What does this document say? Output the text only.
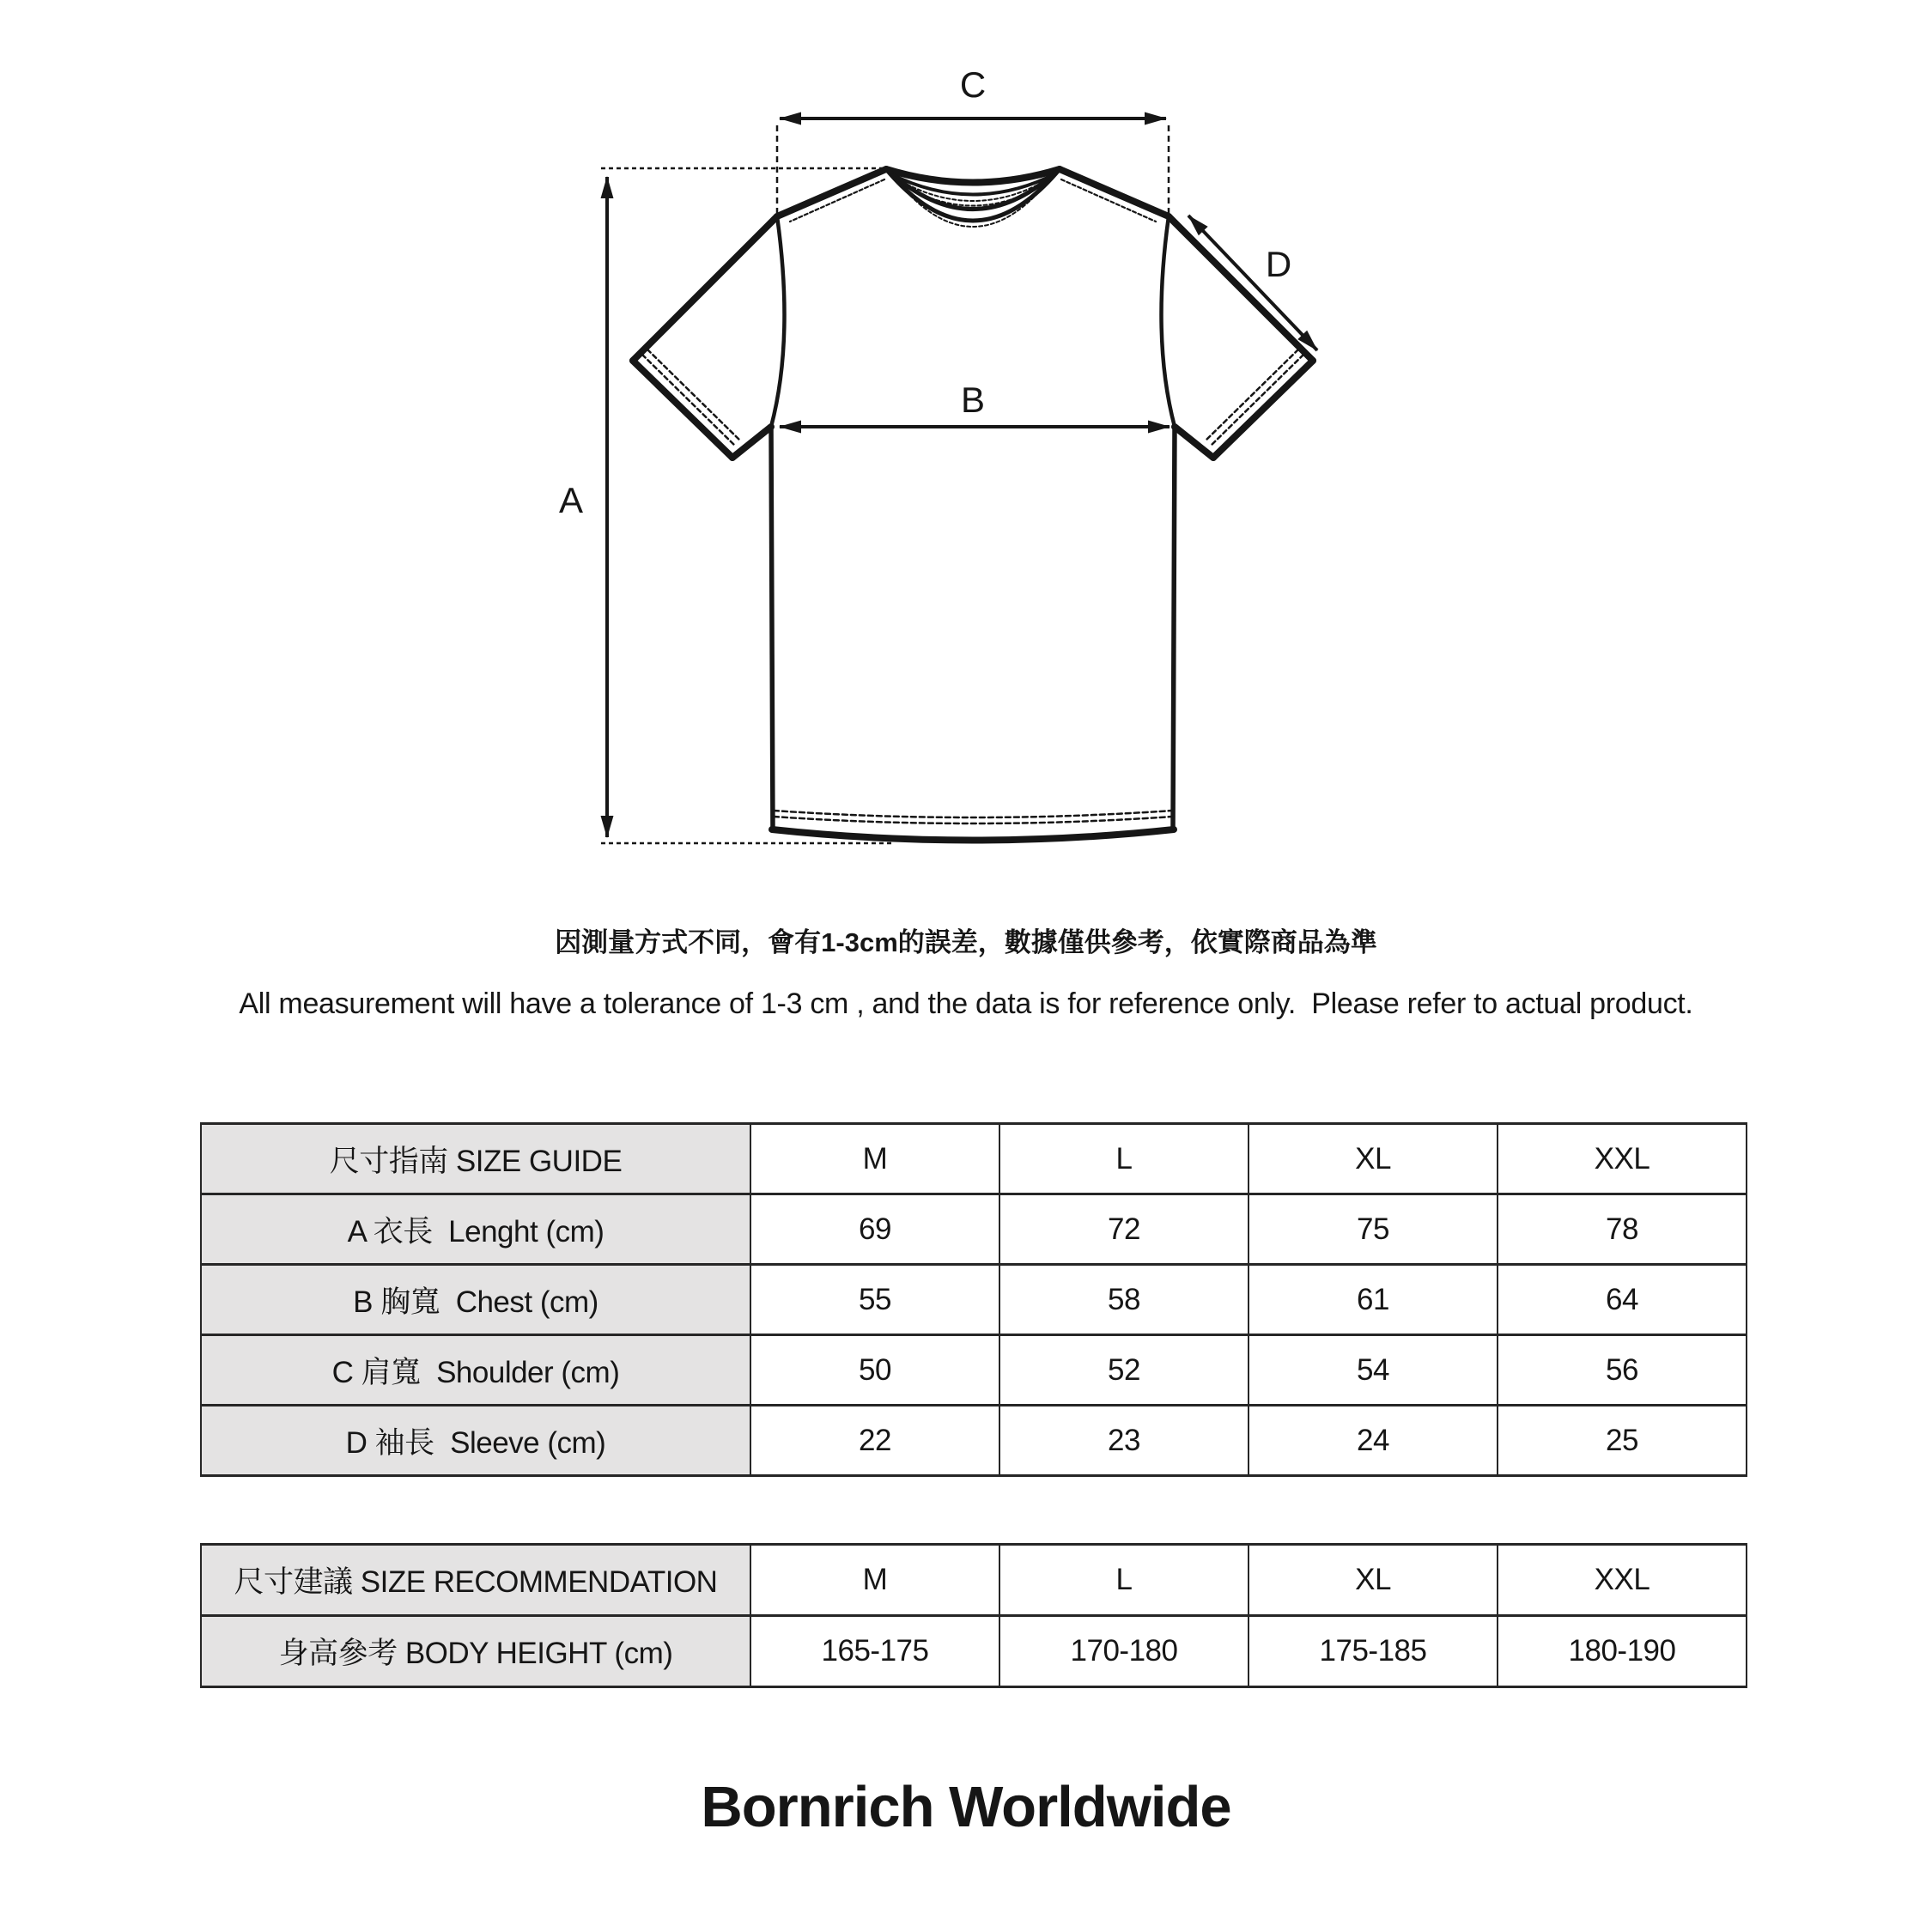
A
C
B
D
因測量方式不同，會有1-3cm的誤差，數據僅供參考，依實際商品為準
All measurement will have a tolerance of 1-3 cm , and the data is for reference only.  Please refer to actual product.
尺寸指南 SIZE GUIDE	M	L	XL	XXL
A 衣長  Lenght (cm)	69	72	75	78
B 胸寬  Chest (cm)	55	58	61	64
C 肩寬  Shoulder (cm)	50	52	54	56
D 袖長  Sleeve (cm)	22	23	24	25
尺寸建議 SIZE RECOMMENDATION	M	L	XL	XXL
身高參考 BODY HEIGHT (cm)	165-175	170-180	175-185	180-190
Bornrich Worldwide
